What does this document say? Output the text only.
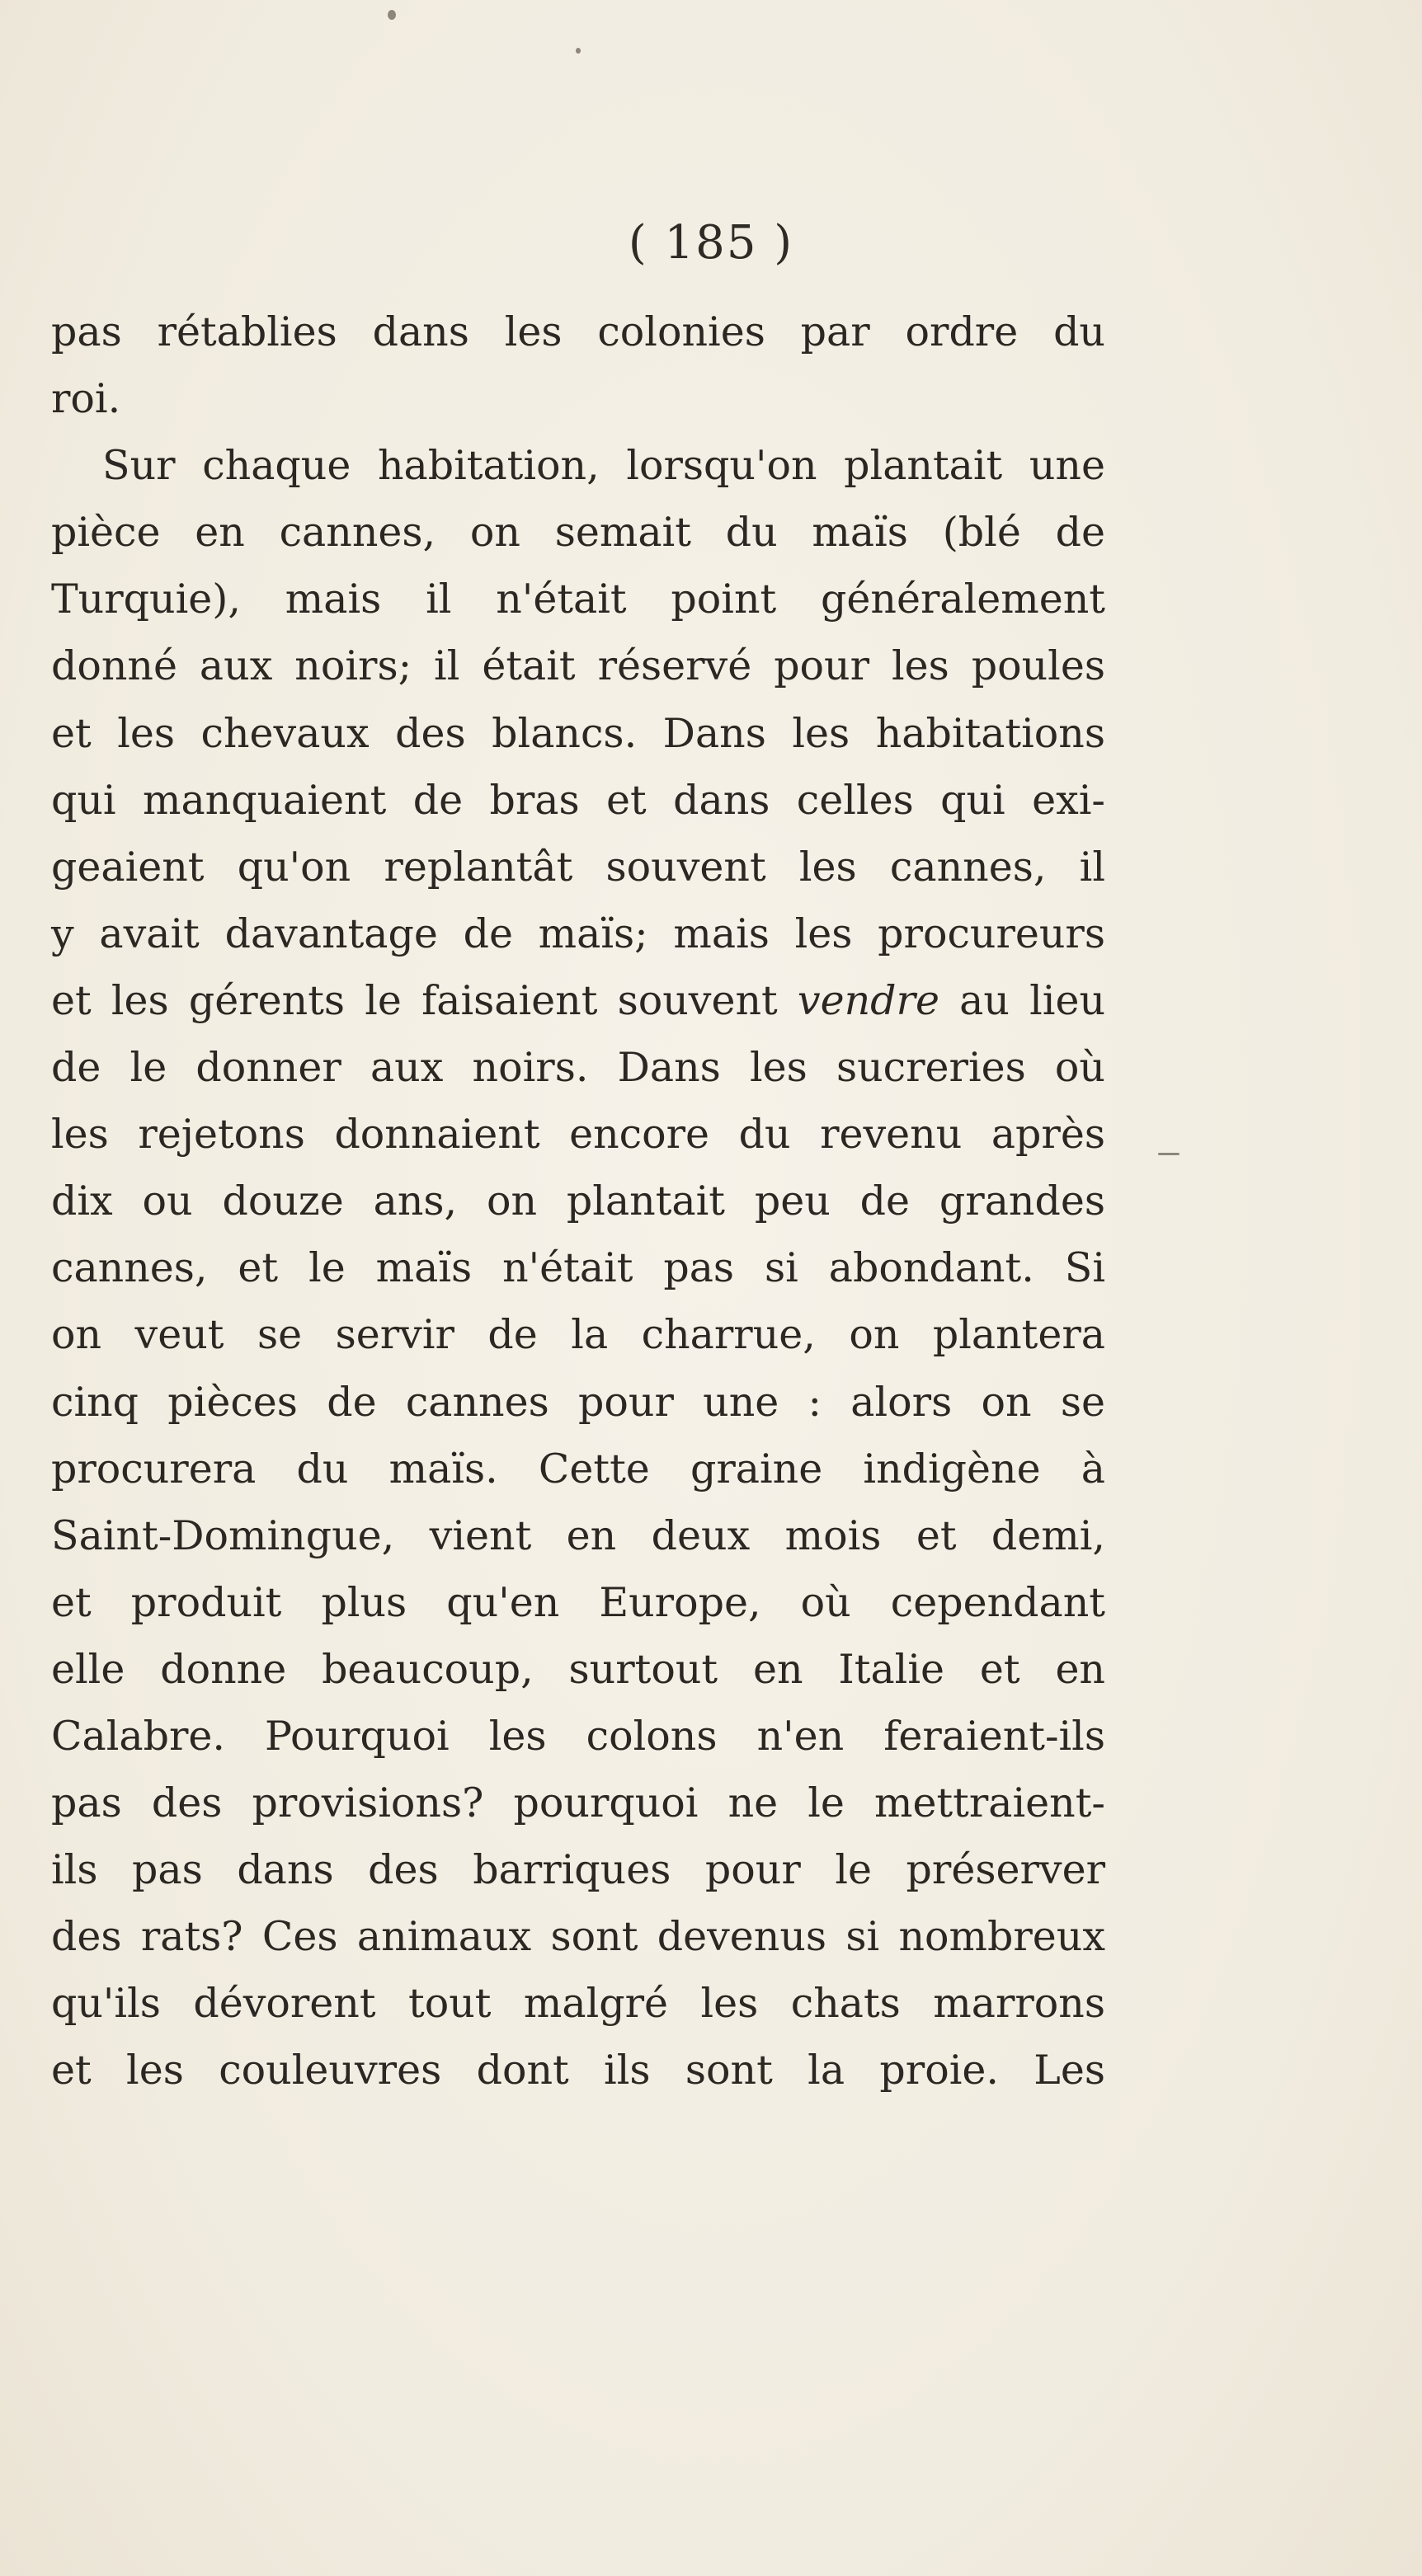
( 185 )
pas rétablies dans les colonies par ordre du
roi.
Sur chaque habitation, lorsqu'on plantait une
pièce en cannes, on semait du maïs (blé de
Turquie), mais il n'était point généralement
donné aux noirs; il était réservé pour les poules
et les chevaux des blancs. Dans les habitations
qui manquaient de bras et dans celles qui exi-
geaient qu'on replantât souvent les cannes, il
y avait davantage de maïs; mais les procureurs
et les gérents le faisaient souvent vendre au lieu
de le donner aux noirs. Dans les sucreries où
les rejetons donnaient encore du revenu après
dix ou douze ans, on plantait peu de grandes
cannes, et le maïs n'était pas si abondant. Si
on veut se servir de la charrue, on plantera
cinq pièces de cannes pour une : alors on se
procurera du maïs. Cette graine indigène à
Saint-Domingue, vient en deux mois et demi,
et produit plus qu'en Europe, où cependant
elle donne beaucoup, surtout en Italie et en
Calabre. Pourquoi les colons n'en feraient-ils
pas des provisions? pourquoi ne le mettraient-
ils pas dans des barriques pour le préserver
des rats? Ces animaux sont devenus si nombreux
qu'ils dévorent tout malgré les chats marrons
et les couleuvres dont ils sont la proie. Les
